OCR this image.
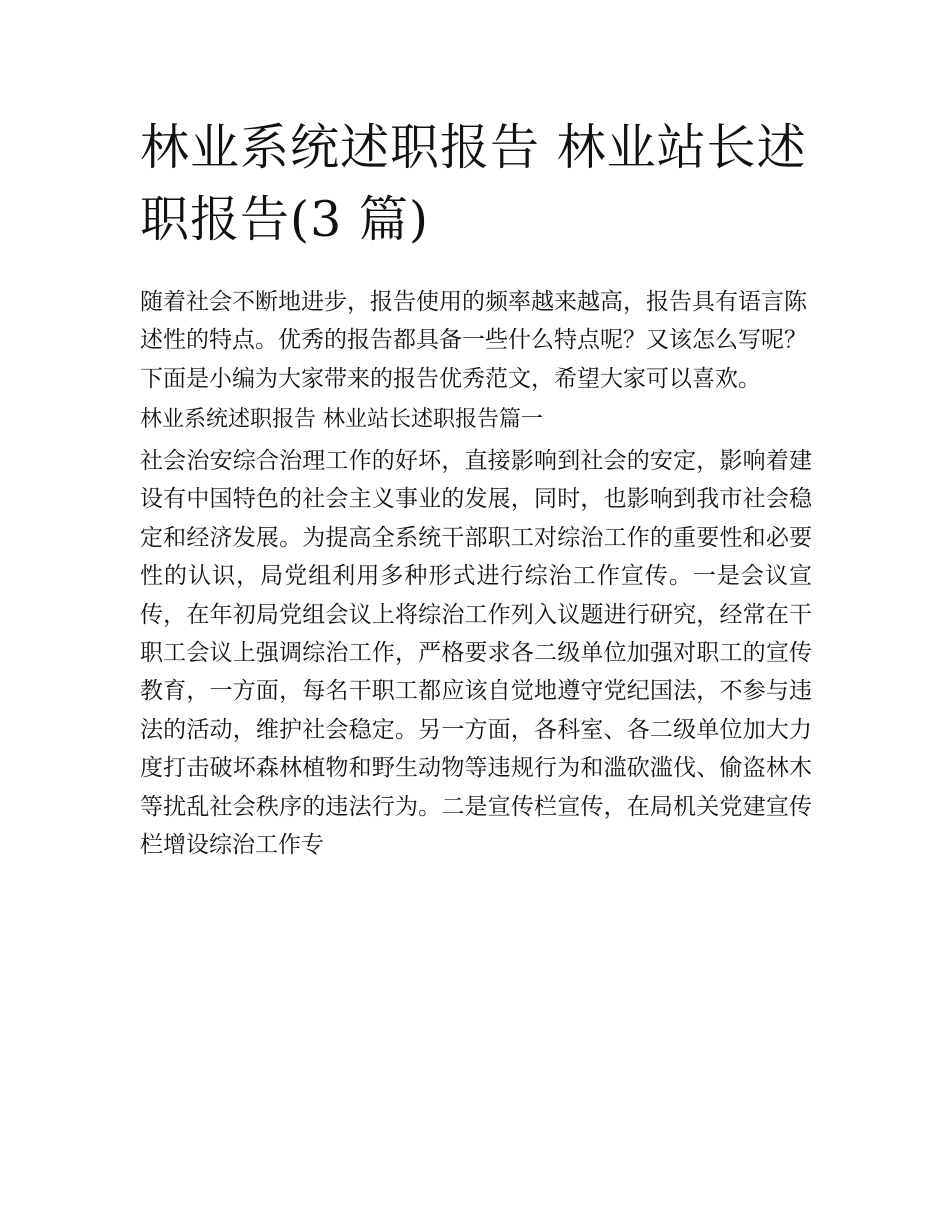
林业系统述职报告 林业站长述
职报告(3 篇)

随着社会不断地进步，报告使用的频率越来越高，报告具有语言陈述性的特点。优秀的报告都具备一些什么特点呢？又该怎么写呢？下面是小编为大家带来的报告优秀范文，希望大家可以喜欢。

林业系统述职报告 林业站长述职报告篇一

社会治安综合治理工作的好坏，直接影响到社会的安定，影响着建设有中国特色的社会主义事业的发展，同时，也影响到我市社会稳定和经济发展。为提高全系统干部职工对综治工作的重要性和必要性的认识，局党组利用多种形式进行综治工作宣传。一是会议宣传，在年初局党组会议上将综治工作列入议题进行研究，经常在干职工会议上强调综治工作，严格要求各二级单位加强对职工的宣传教育，一方面，每名干职工都应该自觉地遵守党纪国法，不参与违法的活动，维护社会稳定。另一方面，各科室、各二级单位加大力度打击破坏森林植物和野生动物等违规行为和滥砍滥伐、偷盗林木等扰乱社会秩序的违法行为。二是宣传栏宣传，在局机关党建宣传栏增设综治工作专
